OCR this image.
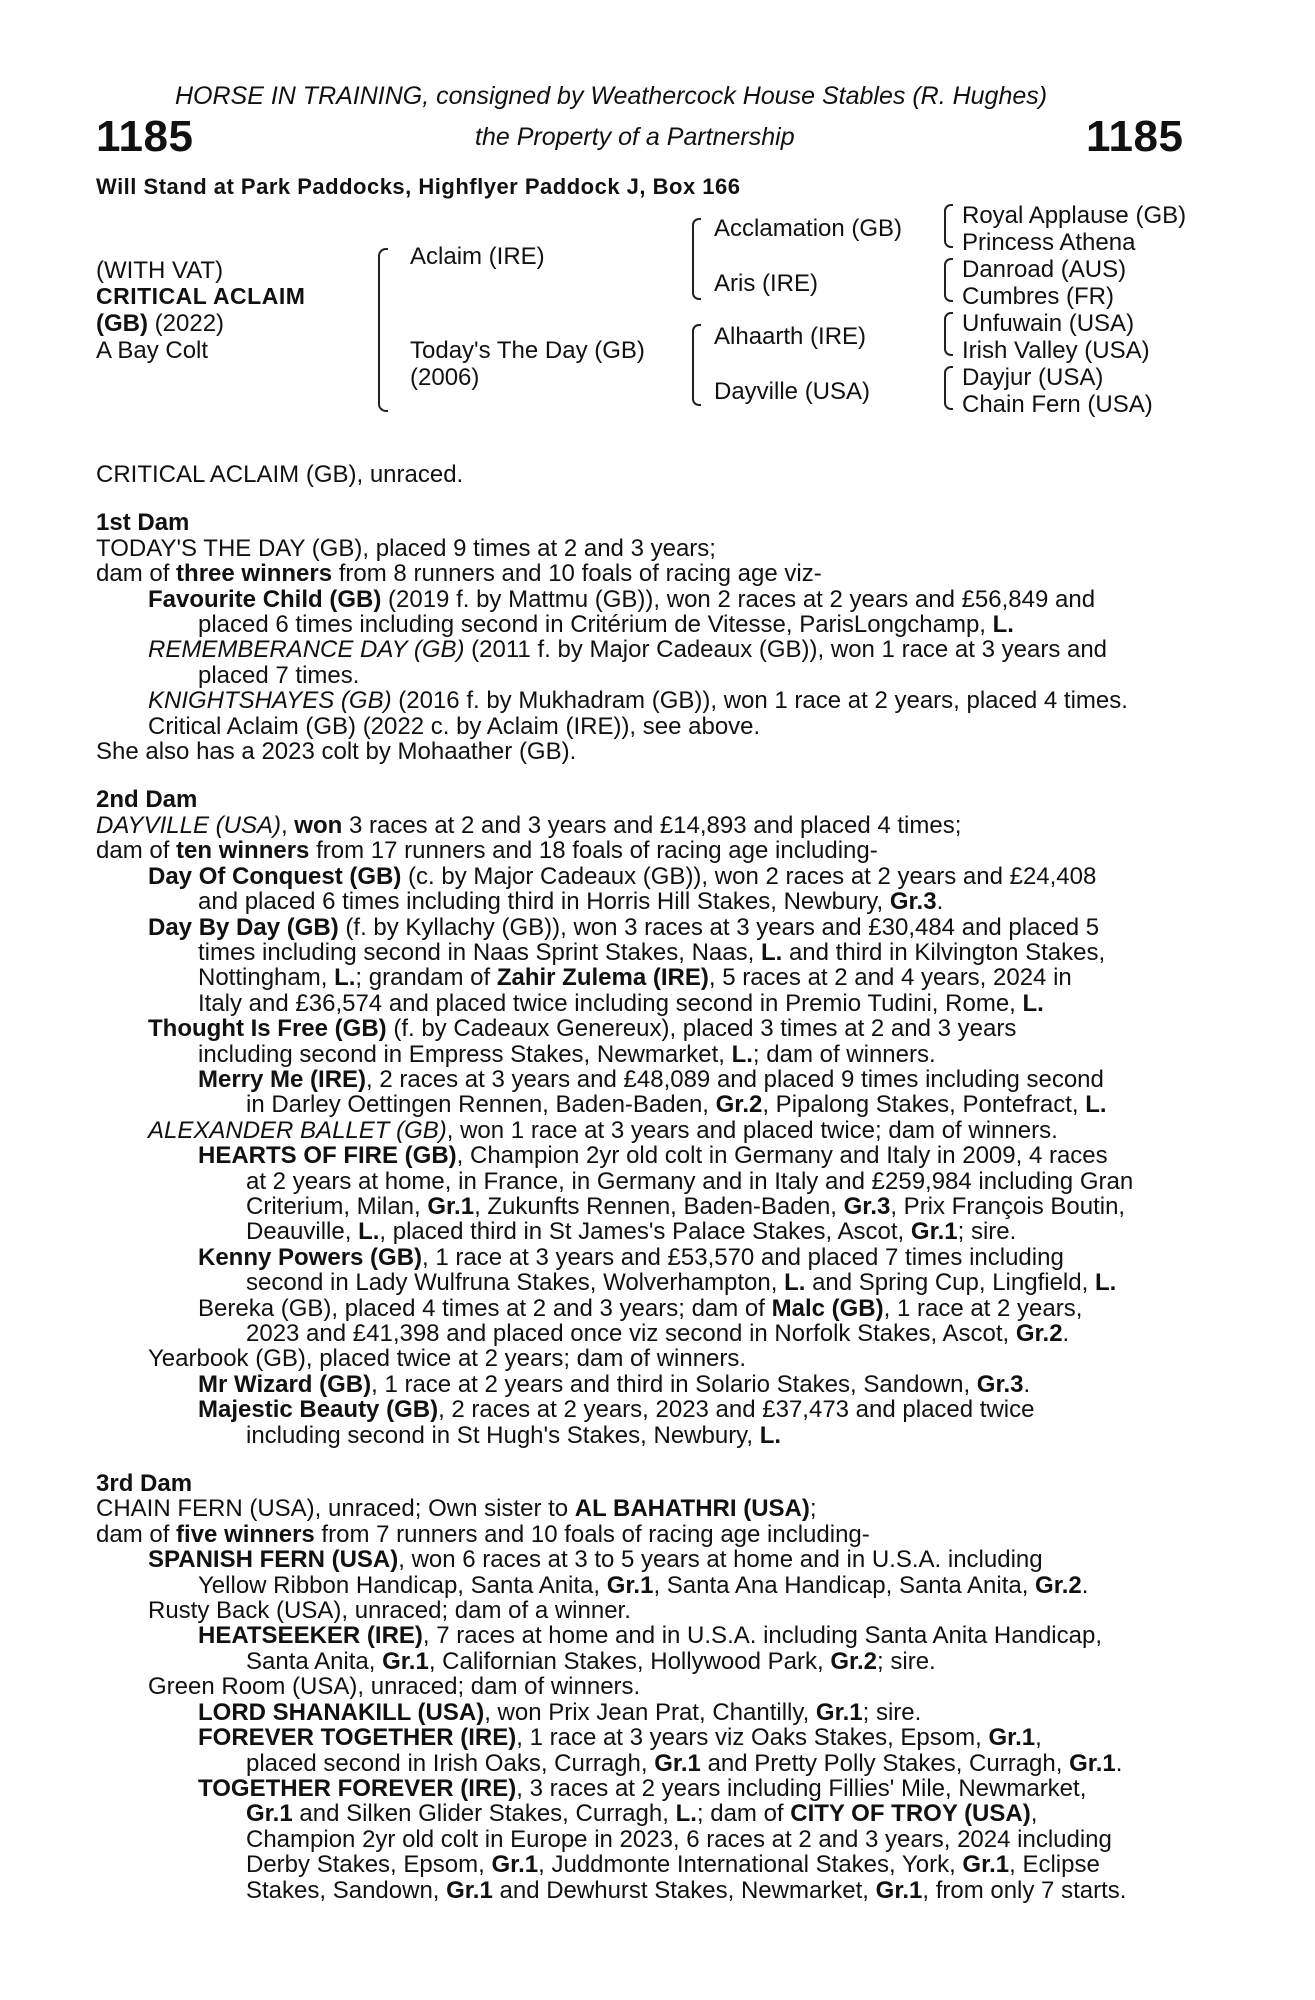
HORSE IN TRAINING, consigned by Weathercock House Stables (R. Hughes)
1185	the Property of a Partnership	1185
Will Stand at Park Paddocks, Highflyer Paddock J, Box 166
(WITH VAT)
CRITICAL ACLAIM
(GB) (2022)
A Bay Colt
Aclaim (IRE)
Today's The Day (GB)
(2006)
Acclamation (GB)
Aris (IRE)
Alhaarth (IRE)
Dayville (USA)
Royal Applause (GB)
Princess Athena
Danroad (AUS)
Cumbres (FR)
Unfuwain (USA)
Irish Valley (USA)
Dayjur (USA)
Chain Fern (USA)
CRITICAL ACLAIM (GB), unraced.
1st Dam
TODAY'S THE DAY (GB), placed 9 times at 2 and 3 years;
dam of three winners from 8 runners and 10 foals of racing age viz-
Favourite Child (GB) (2019 f. by Mattmu (GB)), won 2 races at 2 years and £56,849 and
placed 6 times including second in Critérium de Vitesse, ParisLongchamp, L.
REMEMBERANCE DAY (GB) (2011 f. by Major Cadeaux (GB)), won 1 race at 3 years and
placed 7 times.
KNIGHTSHAYES (GB) (2016 f. by Mukhadram (GB)), won 1 race at 2 years, placed 4 times.
Critical Aclaim (GB) (2022 c. by Aclaim (IRE)), see above.
She also has a 2023 colt by Mohaather (GB).
2nd Dam
DAYVILLE (USA), won 3 races at 2 and 3 years and £14,893 and placed 4 times;
dam of ten winners from 17 runners and 18 foals of racing age including-
Day Of Conquest (GB) (c. by Major Cadeaux (GB)), won 2 races at 2 years and £24,408
and placed 6 times including third in Horris Hill Stakes, Newbury, Gr.3.
Day By Day (GB) (f. by Kyllachy (GB)), won 3 races at 3 years and £30,484 and placed 5
times including second in Naas Sprint Stakes, Naas, L. and third in Kilvington Stakes,
Nottingham, L.; grandam of Zahir Zulema (IRE), 5 races at 2 and 4 years, 2024 in
Italy and £36,574 and placed twice including second in Premio Tudini, Rome, L.
Thought Is Free (GB) (f. by Cadeaux Genereux), placed 3 times at 2 and 3 years
including second in Empress Stakes, Newmarket, L.; dam of winners.
Merry Me (IRE), 2 races at 3 years and £48,089 and placed 9 times including second
in Darley Oettingen Rennen, Baden-Baden, Gr.2, Pipalong Stakes, Pontefract, L.
ALEXANDER BALLET (GB), won 1 race at 3 years and placed twice; dam of winners.
HEARTS OF FIRE (GB), Champion 2yr old colt in Germany and Italy in 2009, 4 races
at 2 years at home, in France, in Germany and in Italy and £259,984 including Gran
Criterium, Milan, Gr.1, Zukunfts Rennen, Baden-Baden, Gr.3, Prix François Boutin,
Deauville, L., placed third in St James's Palace Stakes, Ascot, Gr.1; sire.
Kenny Powers (GB), 1 race at 3 years and £53,570 and placed 7 times including
second in Lady Wulfruna Stakes, Wolverhampton, L. and Spring Cup, Lingfield, L.
Bereka (GB), placed 4 times at 2 and 3 years; dam of Malc (GB), 1 race at 2 years,
2023 and £41,398 and placed once viz second in Norfolk Stakes, Ascot, Gr.2.
Yearbook (GB), placed twice at 2 years; dam of winners.
Mr Wizard (GB), 1 race at 2 years and third in Solario Stakes, Sandown, Gr.3.
Majestic Beauty (GB), 2 races at 2 years, 2023 and £37,473 and placed twice
including second in St Hugh's Stakes, Newbury, L.
3rd Dam
CHAIN FERN (USA), unraced; Own sister to AL BAHATHRI (USA);
dam of five winners from 7 runners and 10 foals of racing age including-
SPANISH FERN (USA), won 6 races at 3 to 5 years at home and in U.S.A. including
Yellow Ribbon Handicap, Santa Anita, Gr.1, Santa Ana Handicap, Santa Anita, Gr.2.
Rusty Back (USA), unraced; dam of a winner.
HEATSEEKER (IRE), 7 races at home and in U.S.A. including Santa Anita Handicap,
Santa Anita, Gr.1, Californian Stakes, Hollywood Park, Gr.2; sire.
Green Room (USA), unraced; dam of winners.
LORD SHANAKILL (USA), won Prix Jean Prat, Chantilly, Gr.1; sire.
FOREVER TOGETHER (IRE), 1 race at 3 years viz Oaks Stakes, Epsom, Gr.1,
placed second in Irish Oaks, Curragh, Gr.1 and Pretty Polly Stakes, Curragh, Gr.1.
TOGETHER FOREVER (IRE), 3 races at 2 years including Fillies' Mile, Newmarket,
Gr.1 and Silken Glider Stakes, Curragh, L.; dam of CITY OF TROY (USA),
Champion 2yr old colt in Europe in 2023, 6 races at 2 and 3 years, 2024 including
Derby Stakes, Epsom, Gr.1, Juddmonte International Stakes, York, Gr.1, Eclipse
Stakes, Sandown, Gr.1 and Dewhurst Stakes, Newmarket, Gr.1, from only 7 starts.
